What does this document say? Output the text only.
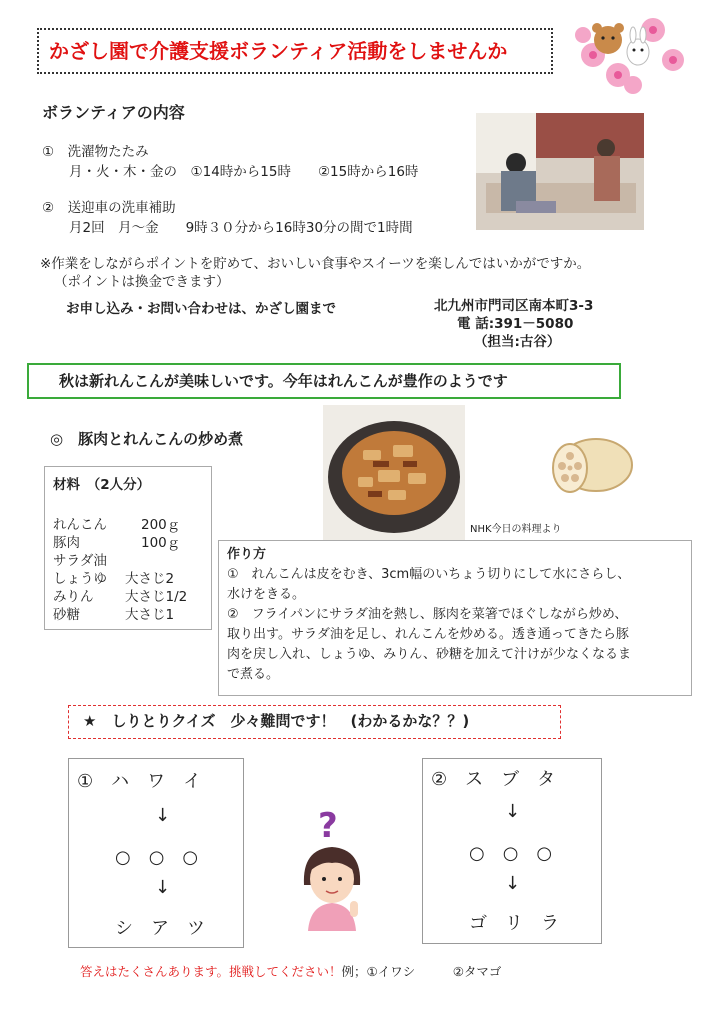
かざし園で介護支援ボランティア活動をしませんか
ボランティアの内容
①　洗濯物たたみ
月・火・木・金の　①14時から15時　　②15時から16時
②　送迎車の洗車補助
月2回　月～金　　9時３０分から16時30分の間で1時間
※作業をしながらポイントを貯めて、おいしい食事やスイーツを楽しんではいかがですか。
（ポイントは換金できます）
お申し込み・お問い合わせは、かざし園まで	北九州市門司区南本町3-3
電 話:391－5080
（担当:古谷）
秋は新れんこんが美味しいです。今年はれんこんが豊作のようです
◎　豚肉とれんこんの炒め煮
NHK今日の料理より
材料　（2人分）
れんこん	200ｇ
豚肉	100ｇ
サラダ油
しょうゆ 大さじ2
みりん 大さじ1/2
砂糖	大さじ1
作り方
①　れんこんは皮をむき、3cm幅のいちょう切りにして水にさらし、
水けをきる。
②　フライパンにサラダ油を熱し、豚肉を菜箸でほぐしながら炒め、
取り出す。サラダ油を足し、れんこんを炒める。透き通ってきたら豚
肉を戻し入れ、しょうゆ、みりん、砂糖を加えて汁けが少なくなるま
で煮る。
★　しりとりクイズ　少々難問です！　(わかるかな？？)
①　ハ　ワ　イ
↓
○　○　○
↓
シ　ア　ツ
②　ス　ブ　タ
↓
○　○　○
↓
ゴ　リ　ラ
?
答えはたくさんあります。挑戦してください！例；①イワシ　　　②タマゴ
